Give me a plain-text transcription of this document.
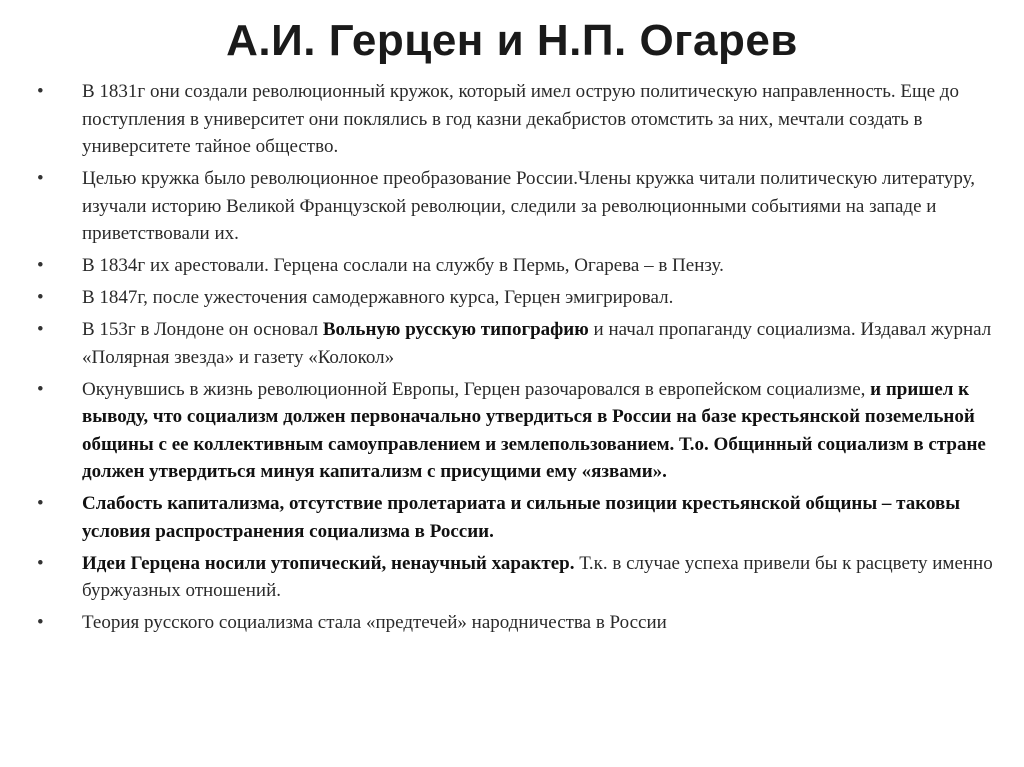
А.И. Герцен и Н.П. Огарев
•	В 1831г они создали революционный кружок, который имел острую политическую направленность. Еще до поступления в университет они поклялись в год казни декабристов отомстить за них, мечтали создать в университете тайное общество.
•	Целью кружка было революционное преобразование России.Члены кружка читали политическую литературу, изучали историю Великой Французской революции, следили за революционными событиями на западе и приветствовали их.
•	В 1834г их арестовали. Герцена сослали на службу в Пермь, Огарева – в Пензу.
•	В 1847г, после ужесточения самодержавного курса, Герцен эмигрировал.
•	В 153г в Лондоне он основал Вольную русскую типографию и начал пропаганду социализма. Издавал журнал «Полярная звезда» и газету «Колокол»
•	Окунувшись в жизнь революционной Европы, Герцен разочаровался в европейском социализме, и пришел к выводу, что социализм должен первоначально утвердиться в России на базе крестьянской поземельной общины с ее коллективным самоуправлением и землепользованием. Т.о. Общинный социализм в стране должен утвердиться минуя капитализм с присущими ему «язвами».
•	Слабость капитализма, отсутствие пролетариата и сильные позиции крестьянской общины – таковы условия распространения социализма в России.
•	Идеи Герцена носили утопический, ненаучный характер. Т.к. в случае успеха привели бы к расцвету именно буржуазных отношений.
•	Теория русского социализма стала «предтечей» народничества в России
